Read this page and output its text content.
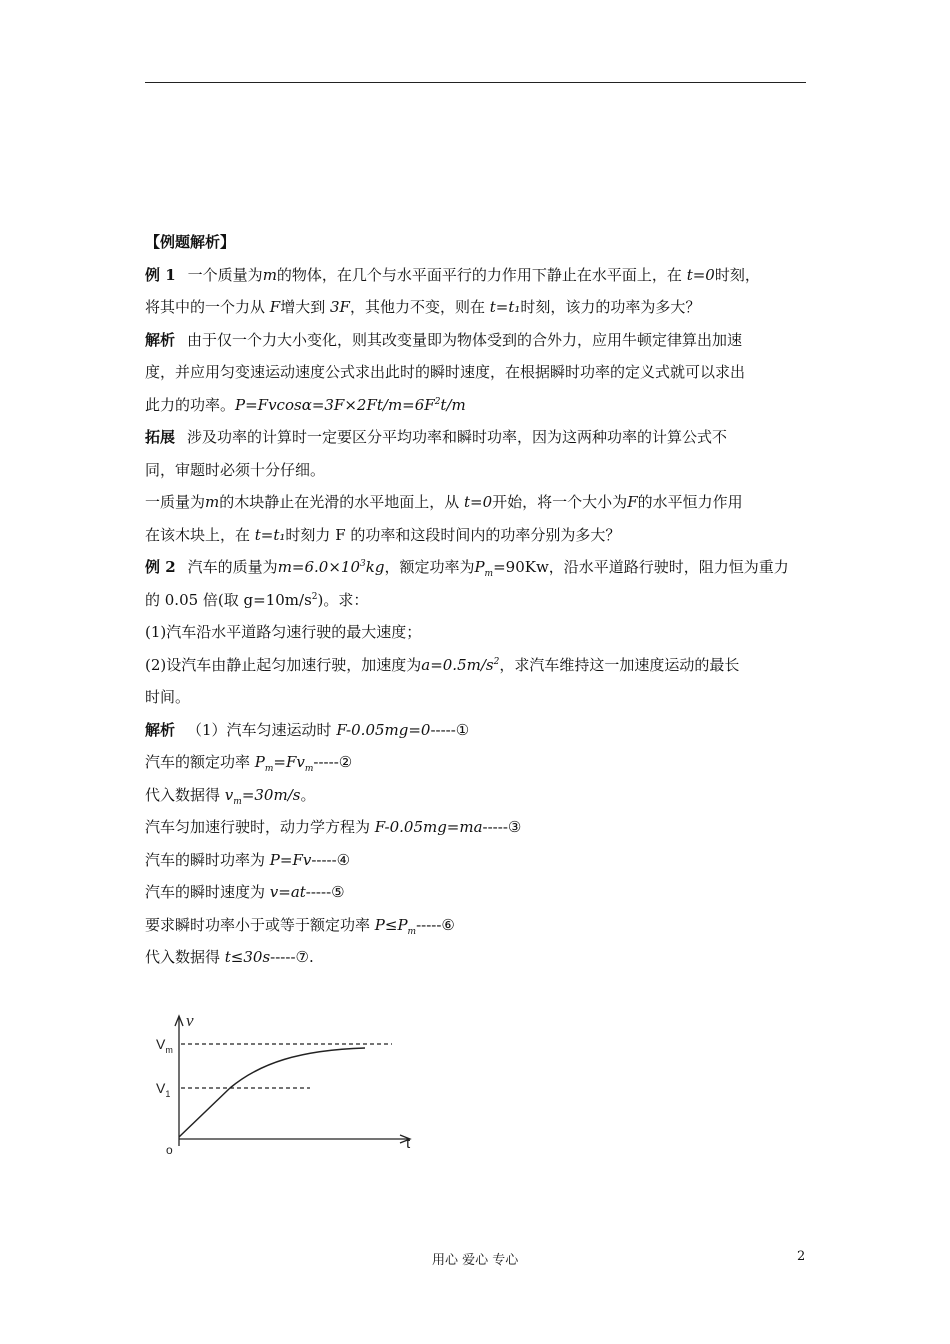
【例题解析】
例 1 一个质量为m的物体，在几个与水平面平行的力作用下静止在水平面上，在 t=0时刻，
将其中的一个力从 F增大到 3F，其他力不变，则在 t=t₁时刻，该力的功率为多大？
解析 由于仅一个力大小变化，则其改变量即为物体受到的合外力，应用牛顿定律算出加速
度，并应用匀变速运动速度公式求出此时的瞬时速度，在根据瞬时功率的定义式就可以求出
此力的功率。$P=Fvcos\alpha=3F\times 2Ft/m=6F^2t/m$
拓展 涉及功率的计算时一定要区分平均功率和瞬时功率，因为这两种功率的计算公式不
同，审题时必须十分仔细。
一质量为m的木块静止在光滑的水平地面上，从 t=0开始，将一个大小为F的水平恒力作用
在该木块上，在 t=t₁时刻力 F 的功率和这段时间内的功率分别为多大？
例 2 汽车的质量为$m=6.0\times 10^3kg$，额定功率为$P_m=90Kw$，沿水平道路行驶时，阻力恒为重力
的 0.05 倍(取 $g=10m/s^2$)。求：
(1)汽车沿水平道路匀速行驶的最大速度；
(2)设汽车由静止起匀加速行驶，加速度为$a=0.5m/s^2$，求汽车维持这一加速度运动的最长
时间。
解析 （1）汽车匀速运动时 F-0.05mg=0-----①
汽车的额定功率 $P_m=Fv_m-----②$
代入数据得 $v_m=30m/s$。
汽车匀加速行驶时，动力学方程为 F-0.05mg=ma-----③
汽车的瞬时功率为 P=Fv-----④
汽车的瞬时速度为 v=at-----⑤
要求瞬时功率小于或等于额定功率 $P\le P_m-----⑥$
代入数据得 t≤30s-----⑦.
v
t
$V_m$
$V_1$
o
用心 爱心 专心	2
